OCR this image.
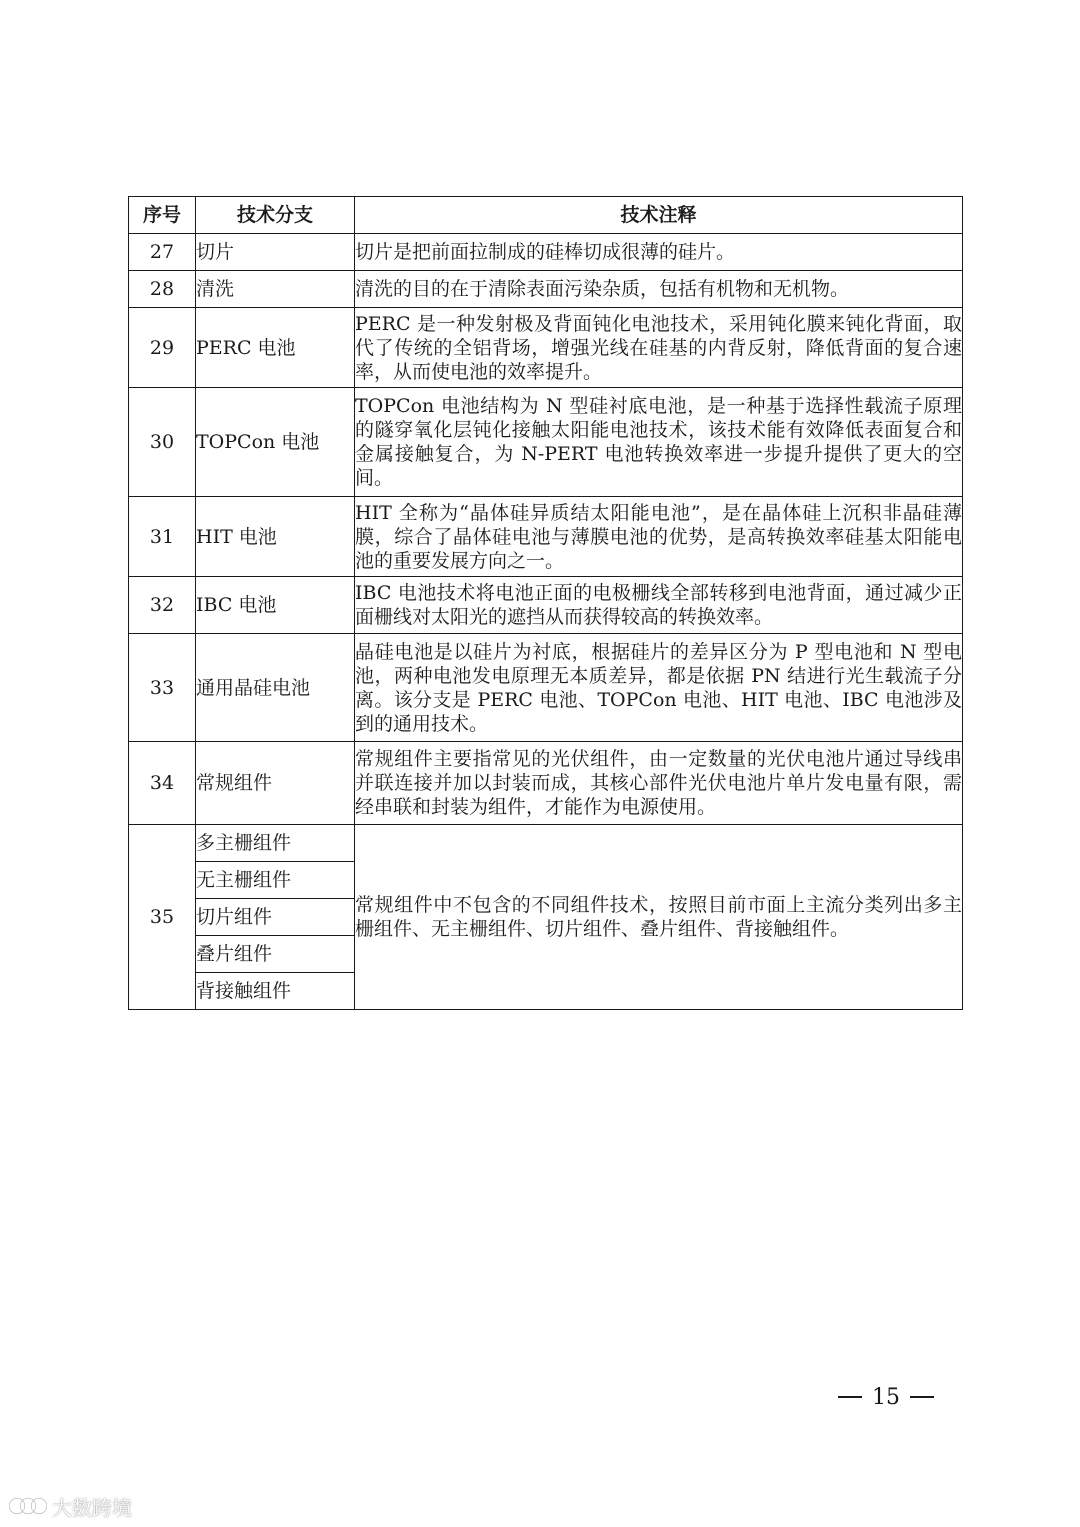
序号	技术分支	技术注释
27	切片	切片是把前面拉制成的硅棒切成很薄的硅片。
28	清洗	清洗的目的在于清除表面污染杂质，包括有机物和无机物。
29	PERC 电池	PERC 是一种发射极及背面钝化电池技术，采用钝化膜来钝化背面，取代了传统的全铝背场，增强光线在硅基的内背反射，降低背面的复合速率，从而使电池的效率提升。
30	TOPCon 电池	TOPCon 电池结构为 N 型硅衬底电池，是一种基于选择性载流子原理的隧穿氧化层钝化接触太阳能电池技术，该技术能有效降低表面复合和金属接触复合，为 N-PERT 电池转换效率进一步提升提供了更大的空间。
31	HIT 电池	HIT 全称为“晶体硅异质结太阳能电池”，是在晶体硅上沉积非晶硅薄膜，综合了晶体硅电池与薄膜电池的优势，是高转换效率硅基太阳能电池的重要发展方向之一。
32	IBC 电池	IBC 电池技术将电池正面的电极栅线全部转移到电池背面，通过减少正面栅线对太阳光的遮挡从而获得较高的转换效率。
33	通用晶硅电池	晶硅电池是以硅片为衬底，根据硅片的差异区分为 P 型电池和 N 型电池，两种电池发电原理无本质差异，都是依据 PN 结进行光生载流子分离。该分支是 PERC 电池、TOPCon 电池、HIT 电池、IBC 电池涉及到的通用技术。
34	常规组件	常规组件主要指常见的光伏组件，由一定数量的光伏电池片通过导线串并联连接并加以封装而成，其核心部件光伏电池片单片发电量有限，需经串联和封装为组件，才能作为电源使用。
35	多主栅组件	常规组件中不包含的不同组件技术，按照目前市面上主流分类列出多主栅组件、无主栅组件、切片组件、叠片组件、背接触组件。
	无主栅组件	
	切片组件	
	叠片组件	
	背接触组件	
15
大数跨境
